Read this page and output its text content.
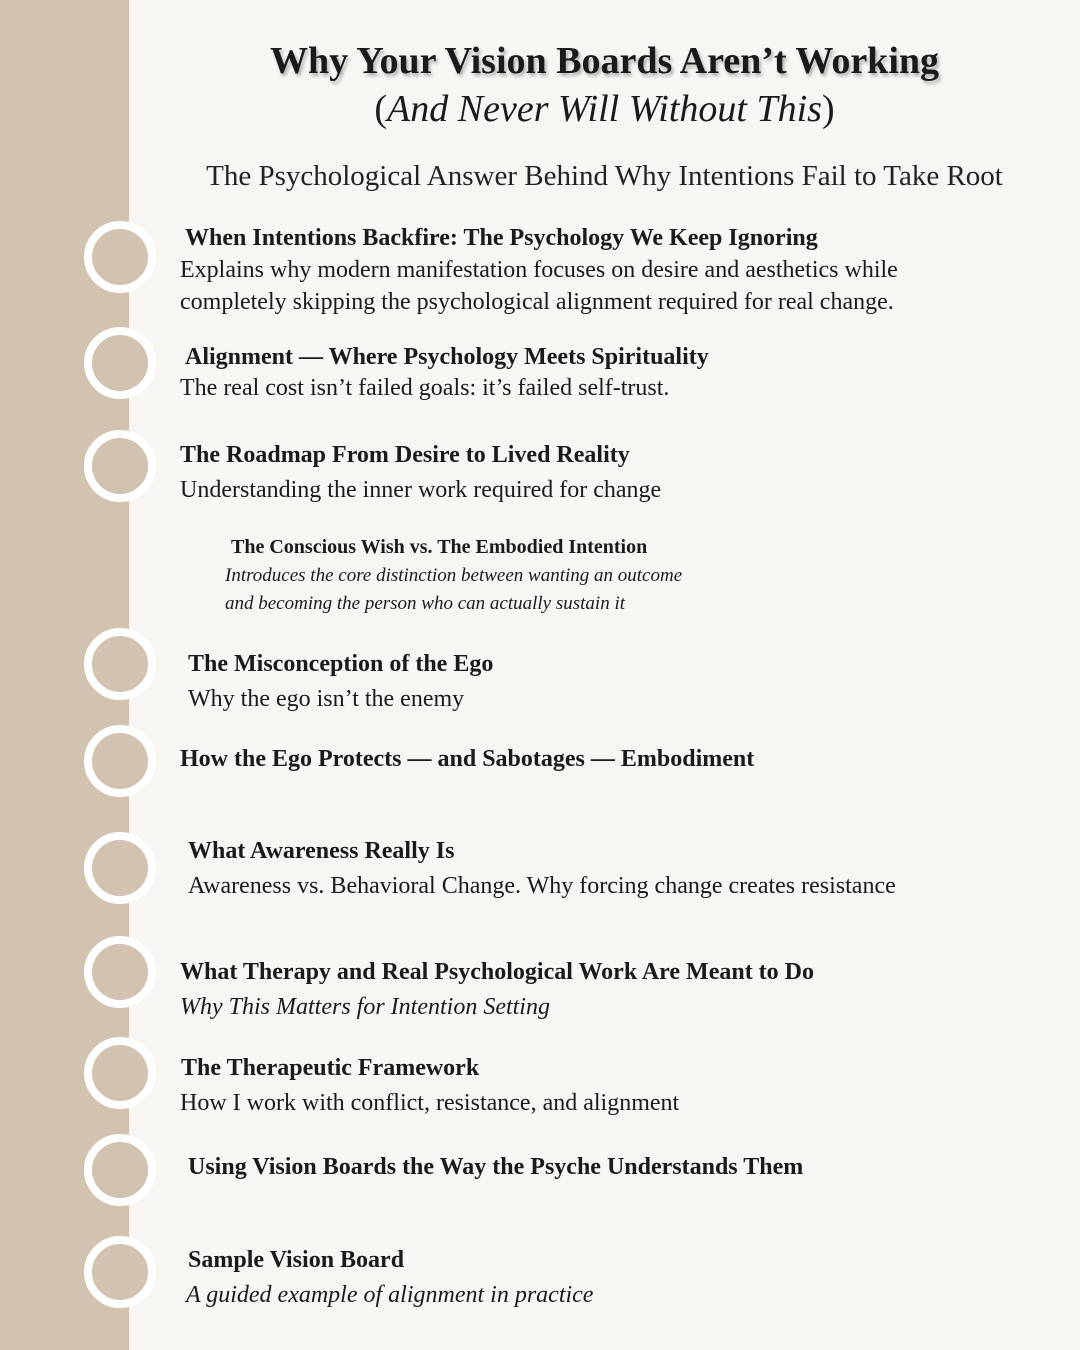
Why Your Vision Boards Aren’t Working
(And Never Will Without This)
The Psychological Answer Behind Why Intentions Fail to Take Root
When Intentions Backfire: The Psychology We Keep Ignoring
Explains why modern manifestation focuses on desire and aesthetics while
completely skipping the psychological alignment required for real change.
Alignment — Where Psychology Meets Spirituality
The real cost isn’t failed goals: it’s failed self-trust.
The Roadmap From Desire to Lived Reality
Understanding the inner work required for change
The Conscious Wish vs. The Embodied Intention
Introduces the core distinction between wanting an outcome
and becoming the person who can actually sustain it
The Misconception of the Ego
Why the ego isn’t the enemy
How the Ego Protects — and Sabotages — Embodiment
What Awareness Really Is
Awareness vs. Behavioral Change. Why forcing change creates resistance
What Therapy and Real Psychological Work Are Meant to Do
Why This Matters for Intention Setting
The Therapeutic Framework
How I work with conflict, resistance, and alignment
Using Vision Boards the Way the Psyche Understands Them
Sample Vision Board
A guided example of alignment in practice
